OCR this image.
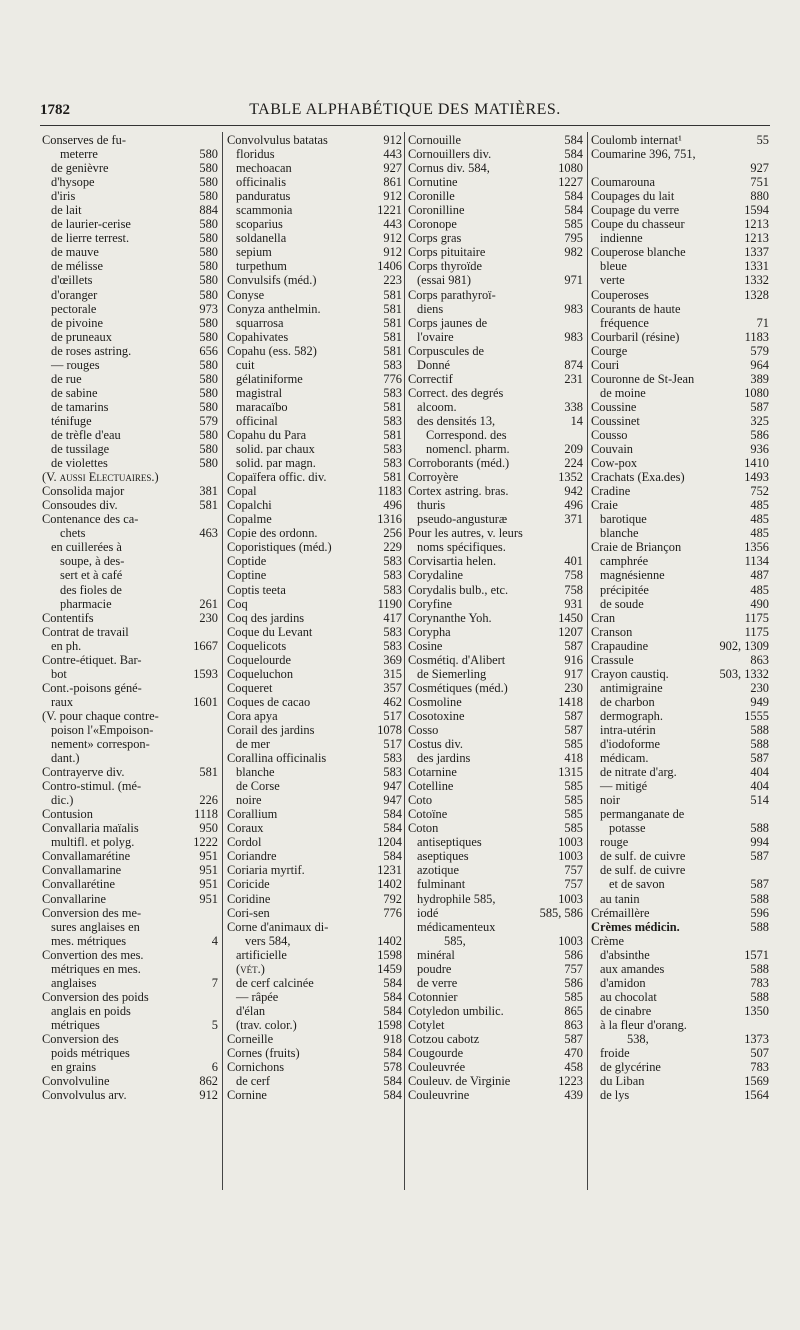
1782	TABLE ALPHABÉTIQUE DES MATIÈRES.
Conserves de fu-
meterre	580
de genièvre	580
d'hysope	580
d'iris	580
de lait	884
de laurier-cerise	580
de lierre terrest.	580
de mauve	580
de mélisse	580
d'œillets	580
d'oranger	580
pectorale	973
de pivoine	580
de pruneaux	580
de roses astring.	656
— rouges	580
de rue	580
de sabine	580
de tamarins	580
ténifuge	579
de trèfle d'eau	580
de tussilage	580
de violettes	580
(V. aussi Electuaires.)
Consolida major	381
Consoudes div.	581
Contenance des ca-
chets	463
en cuillerées à
soupe, à des-
sert et à café
des fioles de
pharmacie	261
Contentifs	230
Contrat de travail
en ph.	1667
Contre-étiquet. Bar-
bot	1593
Cont.-poisons géné-
raux	1601
(V. pour chaque contre-
poison l'«Empoison-
nement» correspon-
dant.)
Contrayerve div.	581
Contro-stimul. (mé-
dic.)	226
Contusion	1118
Convallaria maïalis	950
multifl. et polyg.	1222
Convallamarétine	951
Convallamarine	951
Convallarétine	951
Convallarine	951
Conversion des me-
sures anglaises en
mes. métriques	4
Convertion des mes.
métriques en mes.
anglaises	7
Conversion des poids
anglais en poids
métriques	5
Conversion des
poids métriques
en grains	6
Convolvuline	862
Convolvulus arv.	912
Convolvulus batatas	912
floridus	443
mechoacan	927
officinalis	861
panduratus	912
scammonia	1221
scoparius	443
soldanella	912
sepium	912
turpethum	1406
Convulsifs (méd.)	223
Conyse	581
Conyza anthelmin.	581
squarrosa	581
Copahivates	581
Copahu (ess. 582)	581
cuit	583
gélatiniforme	776
magistral	583
maracaïbo	581
officinal	583
Copahu du Para	581
solid. par chaux	583
solid. par magn.	583
Copaïfera offic. div.	581
Copal	1183
Copalchi	496
Copalme	1316
Copie des ordonn.	256
Coporistiques (méd.)	229
Coptide	583
Coptine	583
Coptis teeta	583
Coq	1190
Coq des jardins	417
Coque du Levant	583
Coquelicots	583
Coquelourde	369
Coqueluchon	315
Coqueret	357
Coques de cacao	462
Cora apya	517
Corail des jardins	1078
de mer	517
Corallina officinalis	583
blanche	583
de Corse	947
noire	947
Corallium	584
Coraux	584
Cordol	1204
Coriandre	584
Coriaria myrtif.	1231
Coricide	1402
Coridine	792
Cori-sen	776
Corne d'animaux di-
vers 584,	1402
artificielle	1598
(vét.)	1459
de cerf calcinée	584
— râpée	584
d'élan	584
(trav. color.)	1598
Corneille	918
Cornes (fruits)	584
Cornichons	578
de cerf	584
Cornine	584
Cornouille	584
Cornouillers div.	584
Cornus div. 584,	1080
Cornutine	1227
Coronille	584
Coronilline	584
Coronope	585
Corps gras	795
Corps pituitaire	982
Corps thyroïde
(essai 981)	971
Corps parathyroï-
diens	983
Corps jaunes de
l'ovaire	983
Corpuscules de
Donné	874
Correctif	231
Correct. des degrés
alcoom.	338
des densités 13,	14
Correspond. des
nomencl. pharm.	209
Corroborants (méd.)	224
Corroyère	1352
Cortex astring. bras.	942
thuris	496
pseudo-angusturæ	371
Pour les autres, v. leurs
noms spécifiques.
Corvisartia helen.	401
Corydaline	758
Corydalis bulb., etc.	758
Coryfine	931
Corynanthe Yoh.	1450
Corypha	1207
Cosine	587
Cosmétiq. d'Alibert	916
de Siemerling	917
Cosmétiques (méd.)	230
Cosmoline	1418
Cosotoxine	587
Cosso	587
Costus div.	585
des jardins	418
Cotarnine	1315
Cotelline	585
Coto	585
Cotoïne	585
Coton	585
antiseptiques	1003
aseptiques	1003
azotique	757
fulminant	757
hydrophile 585,	1003
iodé	585, 586
médicamenteux
585,	1003
minéral	586
poudre	757
de verre	586
Cotonnier	585
Cotyledon umbilic.	865
Cotylet	863
Cotzou cabotz	587
Cougourde	470
Couleuvrée	458
Couleuv. de Virginie	1223
Couleuvrine	439
Coulomb internat¹	55
Coumarine 396, 751,
927
Coumarouna	751
Coupages du lait	880
Coupage du verre	1594
Coupe du chasseur	1213
indienne	1213
Couperose blanche	1337
bleue	1331
verte	1332
Couperoses	1328
Courants de haute
fréquence	71
Courbaril (résine)	1183
Courge	579
Couri	964
Couronne de St-Jean	389
de moine	1080
Coussine	587
Coussinet	325
Cousso	586
Couvain	936
Cow-pox	1410
Crachats (Exa.des)	1493
Cradine	752
Craie	485
barotique	485
blanche	485
Craie de Briançon	1356
camphrée	1134
magnésienne	487
précipitée	485
de soude	490
Cran	1175
Cranson	1175
Crapaudine	902, 1309
Crassule	863
Crayon caustiq.	503, 1332
antimigraine	230
de charbon	949
dermograph.	1555
intra-utérin	588
d'iodoforme	588
médicam.	587
de nitrate d'arg.	404
— mitigé	404
noir	514
permanganate de
potasse	588
rouge	994
de sulf. de cuivre	587
de sulf. de cuivre
et de savon	587
au tanin	588
Crémaillère	596
Crèmes médicin.	588
Crème
d'absinthe	1571
aux amandes	588
d'amidon	783
au chocolat	588
de cinabre	1350
à la fleur d'orang.
538,	1373
froide	507
de glycérine	783
du Liban	1569
de lys	1564
